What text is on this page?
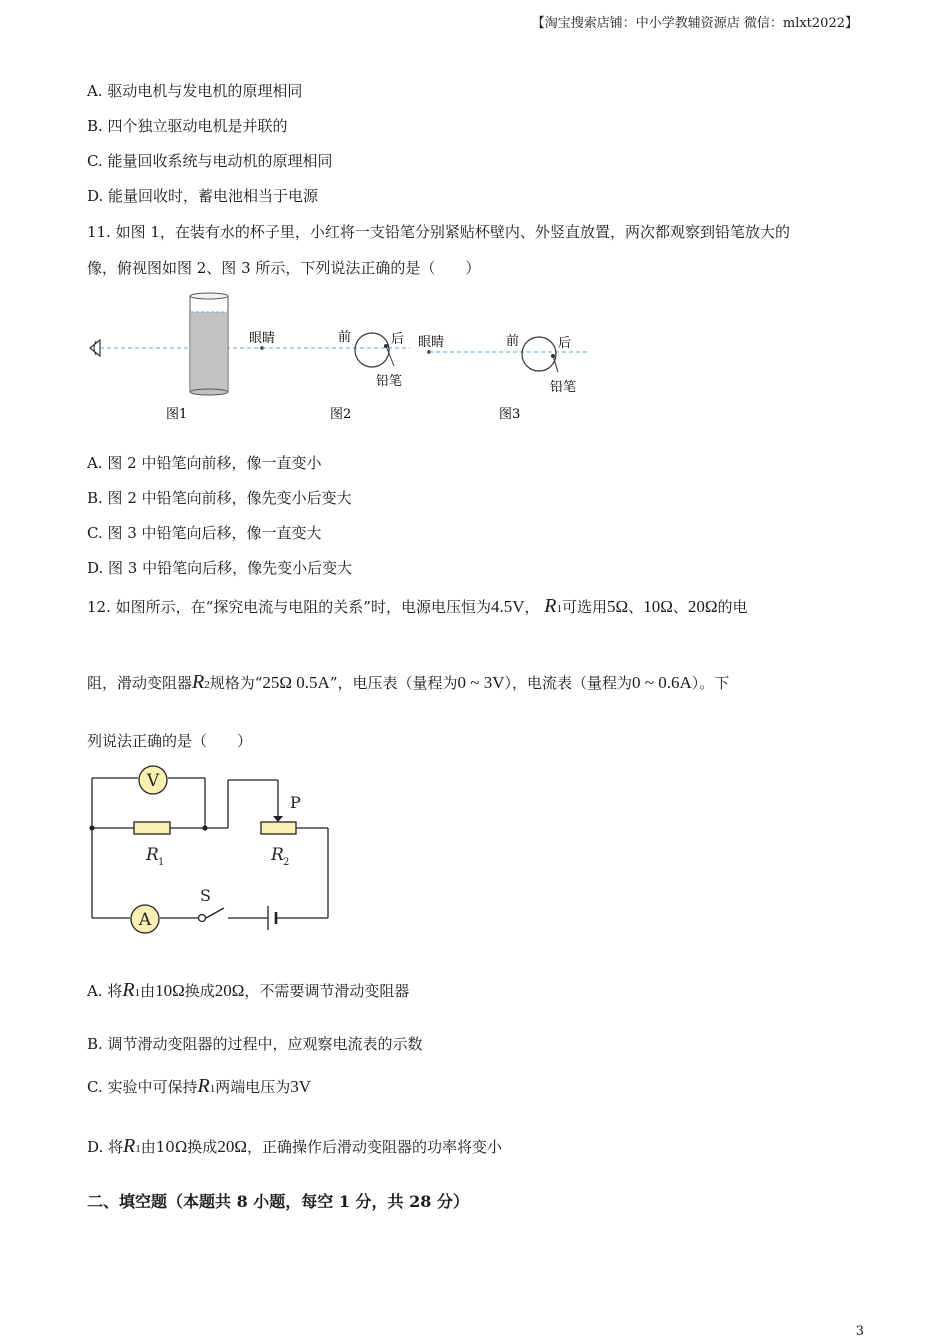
【淘宝搜索店铺：中小学教辅资源店 微信：mlxt2022】
A. 驱动电机与发电机的原理相同
B. 四个独立驱动电机是并联的
C. 能量回收系统与电动机的原理相同
D. 能量回收时，蓄电池相当于电源
11. 如图 1，在装有水的杯子里，小红将一支铅笔分别紧贴杯壁内、外竖直放置，两次都观察到铅笔放大的
像，俯视图如图 2、图 3 所示，下列说法正确的是（　　）
图1
眼睛	前	后
铅笔
图2
眼睛	前	后
铅笔
图3
A. 图 2 中铅笔向前移，像一直变小
B. 图 2 中铅笔向前移，像先变小后变大
C. 图 3 中铅笔向后移，像一直变大
D. 图 3 中铅笔向后移，像先变小后变大
12. 如图所示，在“探究电流与电阻的关系”时，电源电压恒为4.5V， R1可选用5Ω、10Ω、20Ω的电
阻，滑动变阻器R2规格为“25Ω 0.5A”，电压表（量程为0 ~ 3V），电流表（量程为0 ~ 0.6A）。下
列说法正确的是（　　）
V
R 1
P
R 2
A
S
A. 将R1由10Ω换成20Ω，不需要调节滑动变阻器
B. 调节滑动变阻器的过程中，应观察电流表的示数
C. 实验中可保持R1两端电压为3V
D. 将R1由10Ω换成20Ω，正确操作后滑动变阻器的功率将变小
二、填空题（本题共 8 小题，每空 1 分，共 28 分）
3
